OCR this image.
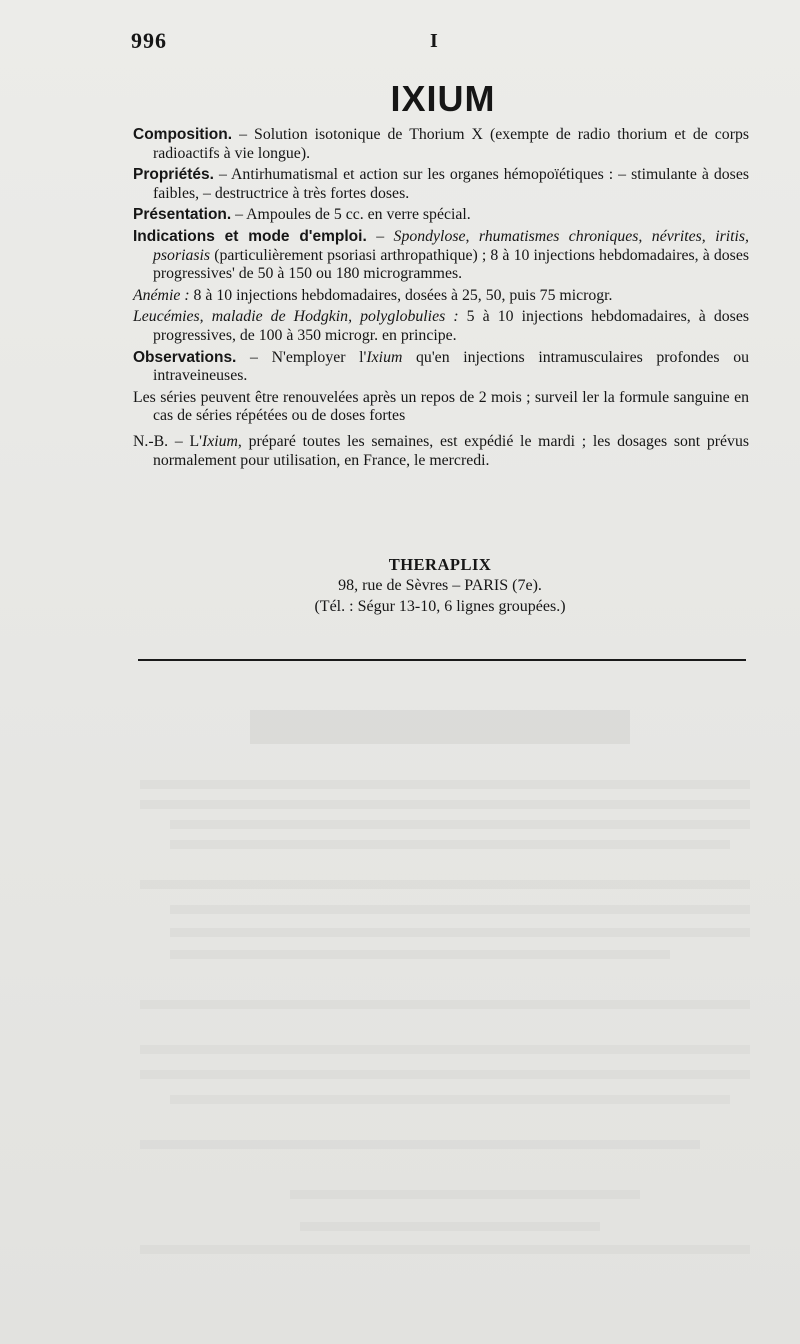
996	I
IXIUM

Composition. – Solution isotonique de Thorium X (exempte de radio thorium et de corps radioactifs à vie longue).

Propriétés. – Antirhumatismal et action sur les organes hémopoïétiques : – stimulante à doses faibles, – destructrice à très fortes doses.

Présentation. – Ampoules de 5 cc. en verre spécial.

Indications et mode d'emploi. – Spondylose, rhumatismes chroniques, névrites, iritis, psoriasis (particulièrement psoriasi arthropathique) ; 8 à 10 injections hebdomadaires, à doses progressives' de 50 à 150 ou 180 microgrammes.

Anémie : 8 à 10 injections hebdomadaires, dosées à 25, 50, puis 75 microgr.

Leucémies, maladie de Hodgkin, polyglobulies : 5 à 10 injections hebdomadaires, à doses progressives, de 100 à 350 microgr. en principe.

Observations. – N'employer l'Ixium qu'en injections intramusculaires profondes ou intraveineuses.

Les séries peuvent être renouvelées après un repos de 2 mois ; surveil ler la formule sanguine en cas de séries répétées ou de doses fortes

N.-B. – L'Ixium, préparé toutes les semaines, est expédié le mardi ; les dosages sont prévus normalement pour utilisation, en France, le mercredi.

THERAPLIX
98, rue de Sèvres – PARIS (7e).
(Tél. : Ségur 13-10, 6 lignes groupées.)
